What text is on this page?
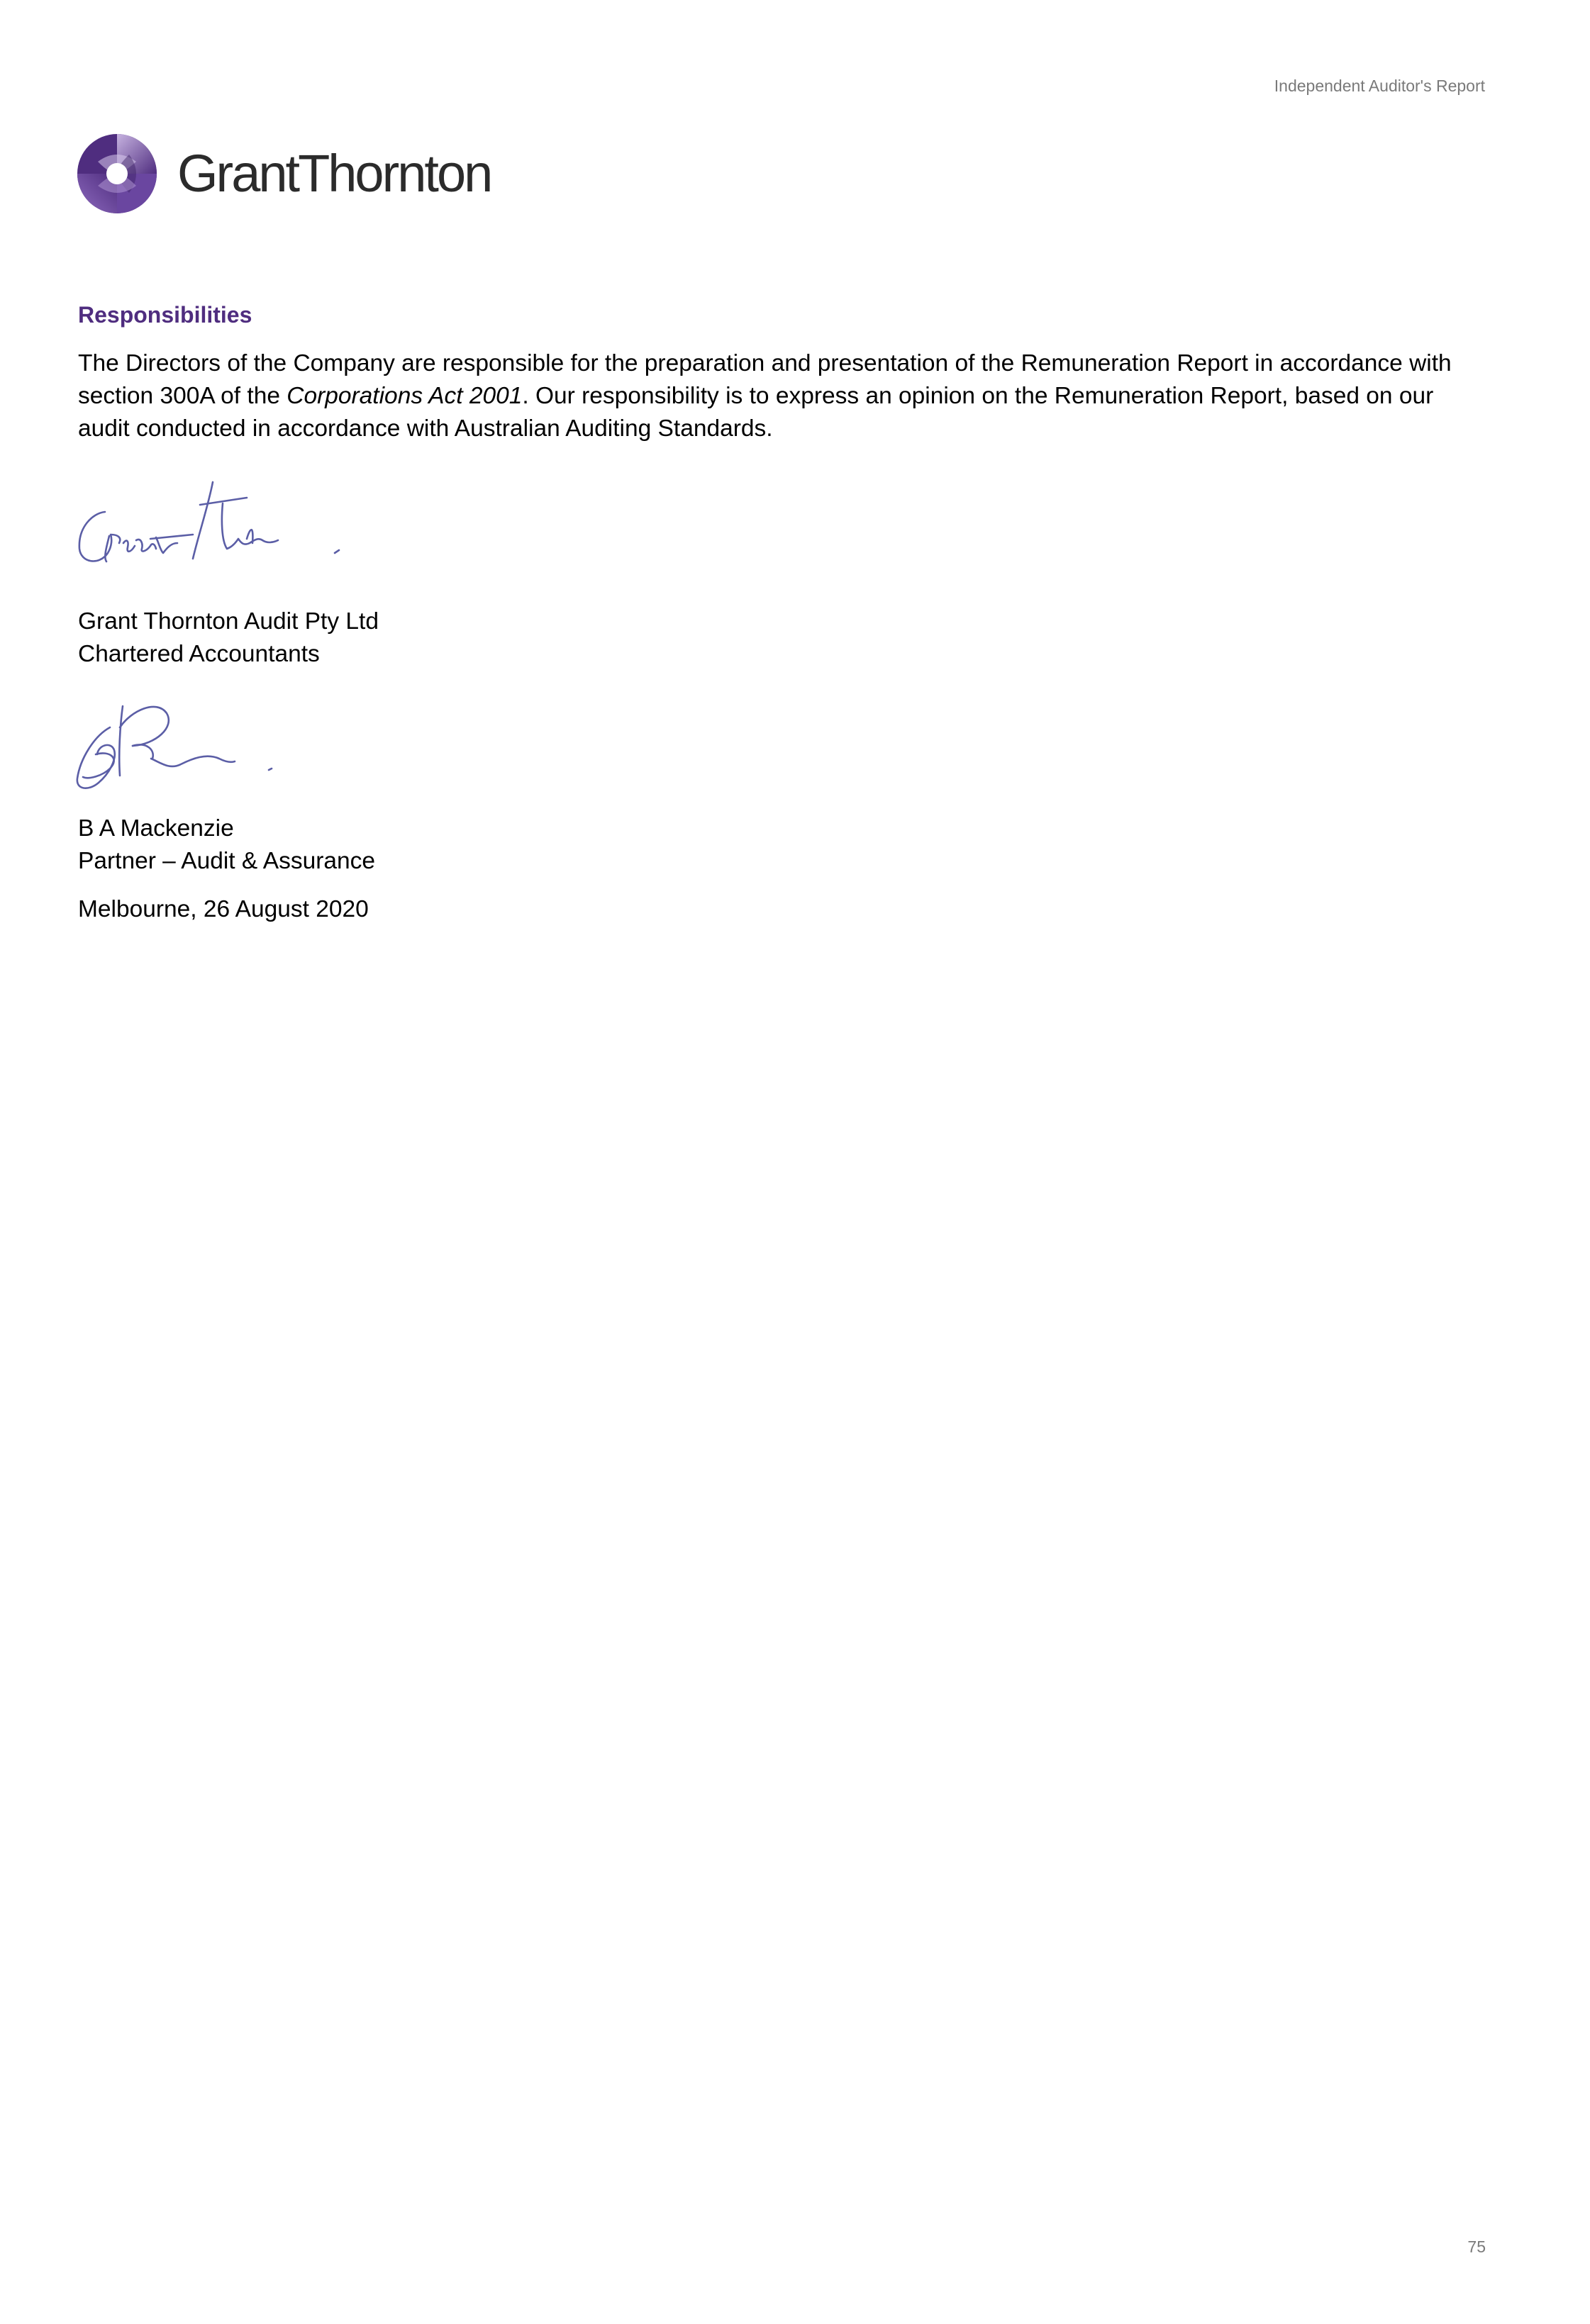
Independent Auditor's Report
GrantThornton
Responsibilities

The Directors of the Company are responsible for the preparation and presentation of the Remuneration Report in accordance with section 300A of the Corporations Act 2001. Our responsibility is to express an opinion on the Remuneration Report, based on our audit conducted in accordance with Australian Auditing Standards.

Grant Thornton Audit Pty Ltd

Chartered Accountants

B A Mackenzie

Partner – Audit & Assurance

Melbourne, 26 August 2020

75
